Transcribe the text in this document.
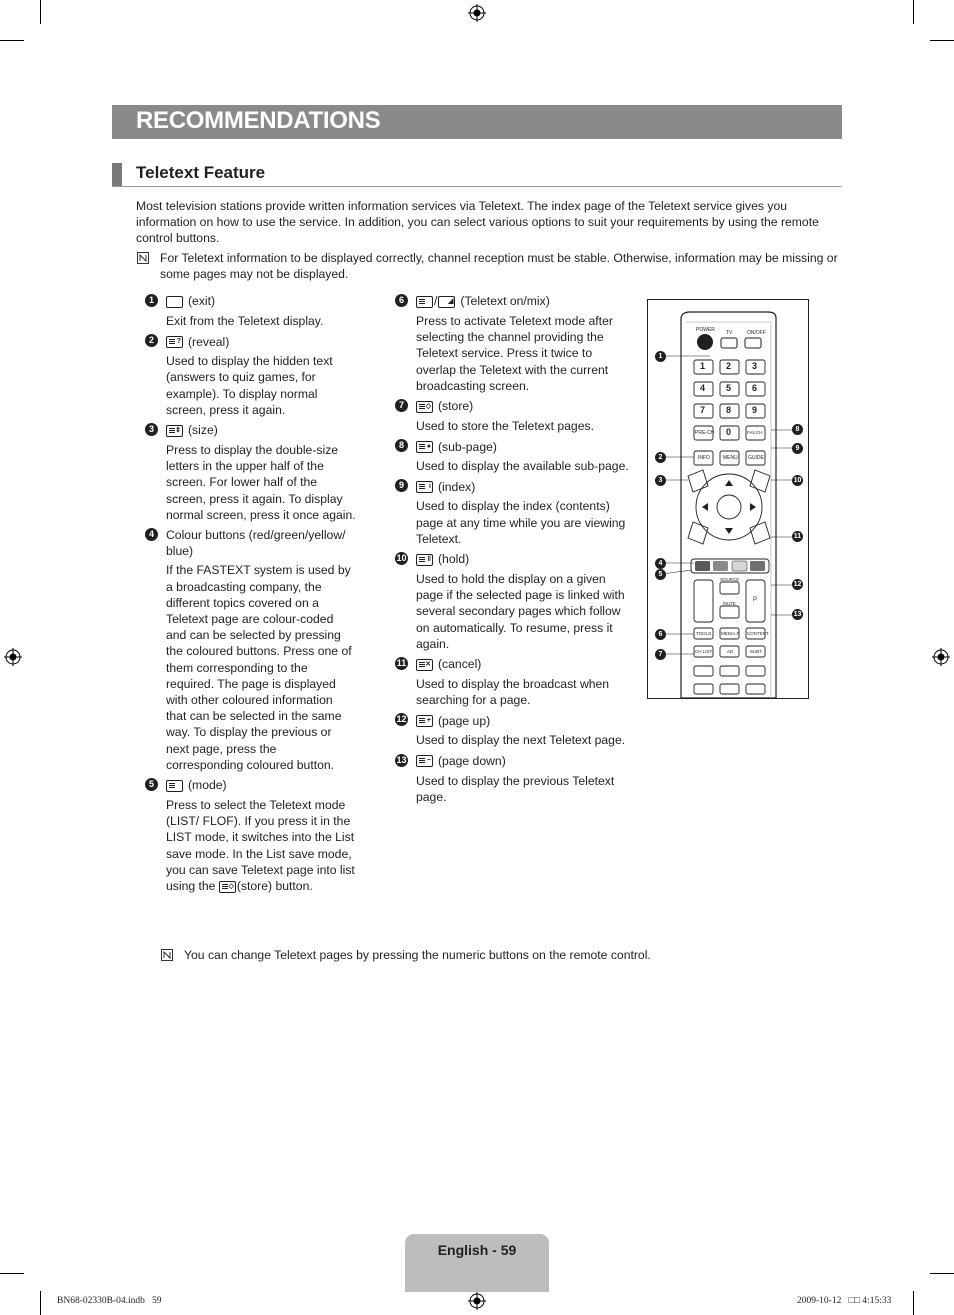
RECOMMENDATIONS
Teletext Feature
Most television stations provide written information services via Teletext. The index page of the Teletext service gives you information on how to use the service. In addition, you can select various options to suit your requirements by using the remote control buttons.
For Teletext information to be displayed correctly, channel reception must be stable. Otherwise, information may be missing or some pages may not be displayed.
1	(exit)
Exit from the Teletext display.
2	? (reveal)
Used to display the hidden text (answers to quiz games, for example). To display normal screen, press it again.
3	⇕ (size)
Press to display the double-size letters in the upper half of the screen. For lower half of the screen, press it again. To display normal screen, press it once again.
4 Colour buttons (red/green/yellow/ blue)
If the FASTEXT system is used by a broadcasting company, the different topics covered on a Teletext page are colour-coded and can be selected by pressing the coloured buttons. Press one of them corresponding to the required. The page is displayed with other coloured information that can be selected in the same way. To display the previous or next page, press the corresponding coloured button.
5	(mode)
Press to select the Teletext mode (LIST/ FLOF). If you press it in the LIST mode, it switches into the List save mode. In the List save mode, you can save Teletext page into list using the ◇ (store) button.
6	/ ◢ (Teletext on/mix)
Press to activate Teletext mode after selecting the channel providing the Teletext service. Press it twice to overlap the Teletext with the current broadcasting screen.
7	◇ (store)
Used to store the Teletext pages.
8	● (sub-page)
Used to display the available sub-page.
9	i (index)
Used to display the index (contents) page at any time while you are viewing Teletext.
10	‖ (hold)
Used to hold the display on a given page if the selected page is linked with several secondary pages which follow on automatically. To resume, press it again.
11	✕ (cancel)
Used to display the broadcast when searching for a page.
12	+ (page up)
Used to display the next Teletext page.
13	− (page down)
Used to display the previous Teletext page.
POWER TV	ON/OFF
1 2 3
4 5 6
7 8 9
PRE-CH 0	FAV.CH
INFO	MENU GUIDE
SOURCE
MUTE
P
TOOLS MEDIA.P CONTENT
CH LIST	AD	SUBT.
1
2
3
4
5
6
7
8
9
10
11
12
13
You can change Teletext pages by pressing the numeric buttons on the remote control.
English - 59
BN68-02330B-04.indb   59	2009-10-12   □□ 4:15:33
